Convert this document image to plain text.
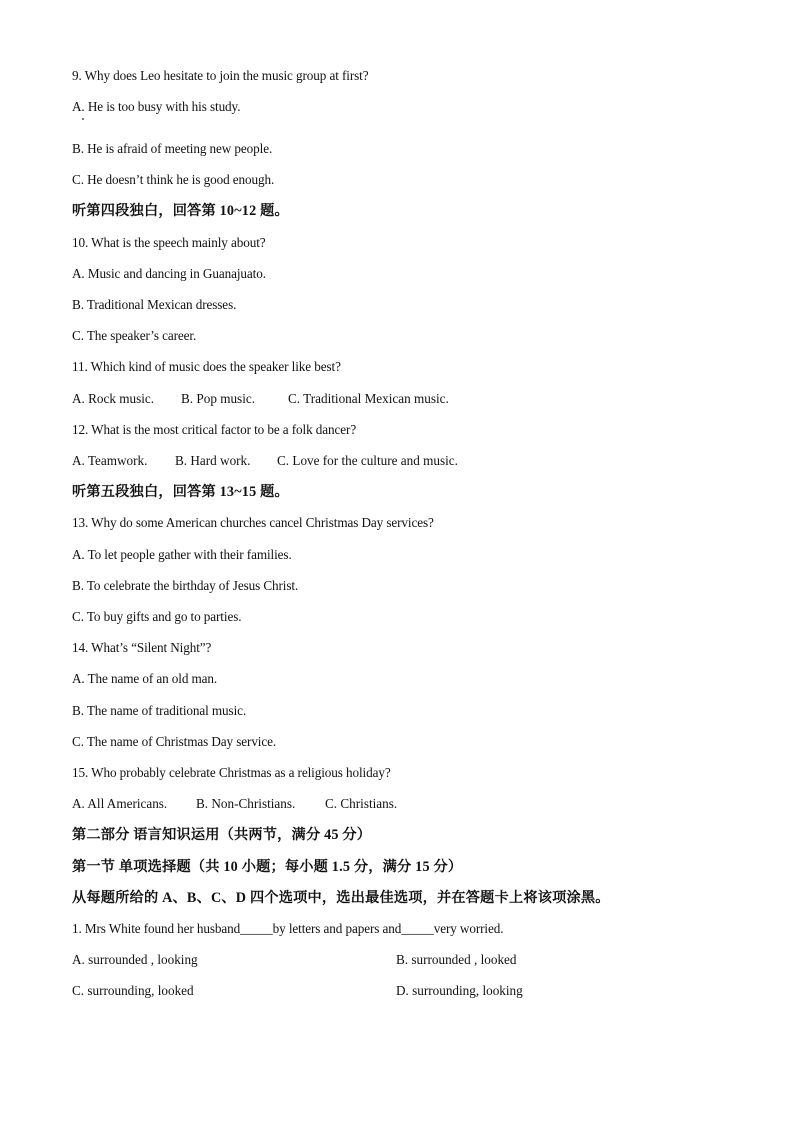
9. Why does Leo hesitate to join the music group at first?
A. He is too busy with his study.
B. He is afraid of meeting new people.
C. He doesn’t think he is good enough.
听第四段独白，回答第 10~12 题。
10. What is the speech mainly about?
A. Music and dancing in Guanajuato.
B. Traditional Mexican dresses.
C. The speaker’s career.
11. Which kind of music does the speaker like best?
A. Rock music. B. Pop music. C. Traditional Mexican music.
12. What is the most critical factor to be a folk dancer?
A. Teamwork. B. Hard work. C. Love for the culture and music.
听第五段独白，回答第 13~15 题。
13. Why do some American churches cancel Christmas Day services?
A. To let people gather with their families.
B. To celebrate the birthday of Jesus Christ.
C. To buy gifts and go to parties.
14. What’s “Silent Night”?
A. The name of an old man.
B. The name of traditional music.
C. The name of Christmas Day service.
15. Who probably celebrate Christmas as a religious holiday?
A. All Americans. B. Non-Christians. C. Christians.
第二部分 语言知识运用（共两节，满分 45 分）
第一节 单项选择题（共 10 小题；每小题 1.5 分，满分 15 分）
从每题所给的 A、B、C、D 四个选项中，选出最佳选项，并在答题卡上将该项涂黑。
1. Mrs White found her husband_____by letters and papers and_____very worried.
A. surrounded , looking	B. surrounded , looked
C. surrounding, looked	D. surrounding, looking
